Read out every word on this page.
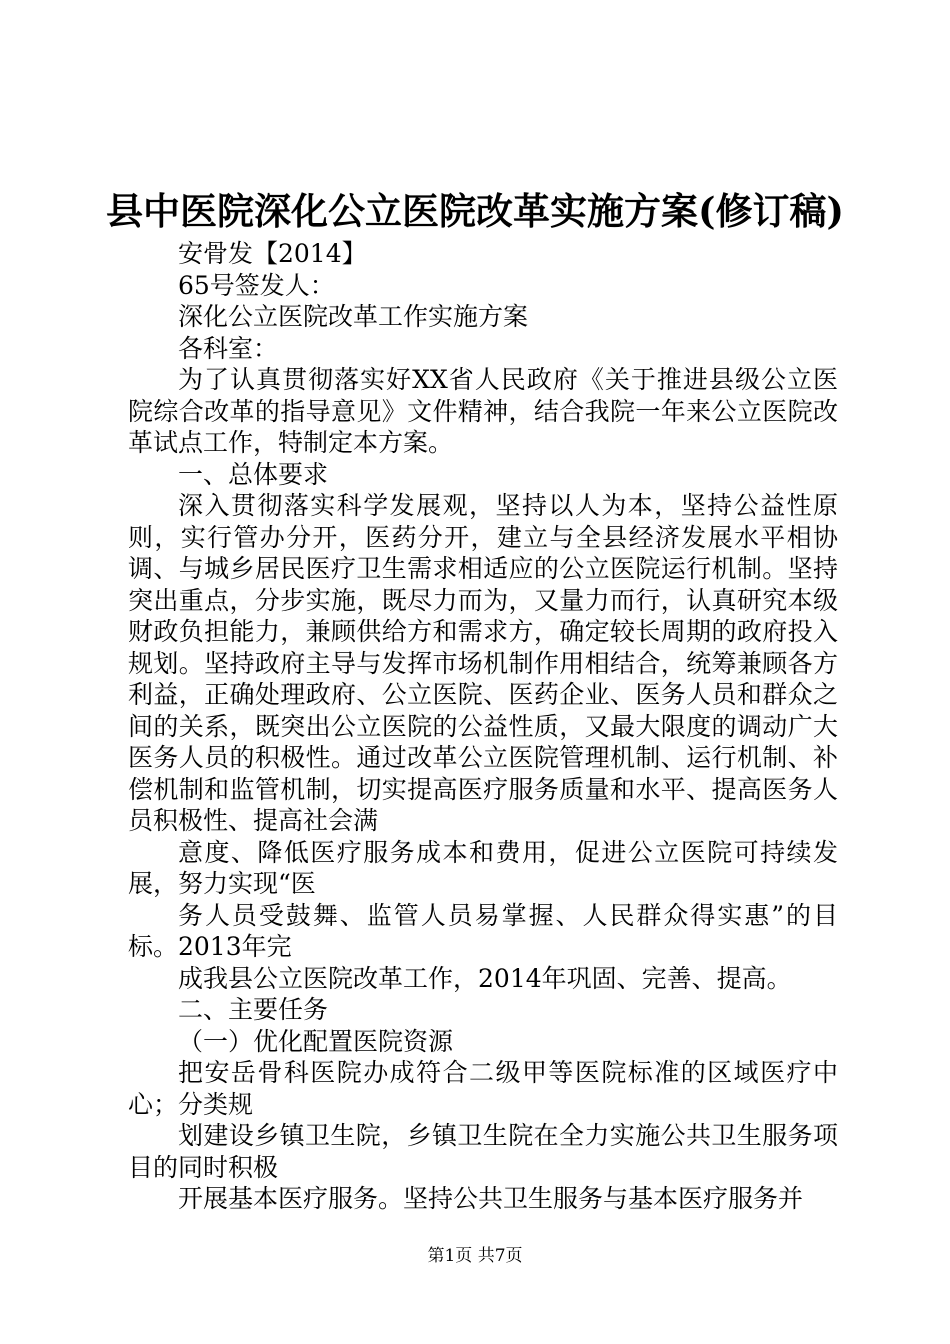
县中医院深化公立医院改革实施方案(修订稿)

安骨发【2014】

65号签发人：

深化公立医院改革工作实施方案

各科室：

为了认真贯彻落实好XX省人民政府《关于推进县级公立医院综合改革的指导意见》文件精神，结合我院一年来公立医院改革试点工作，特制定本方案。

一、总体要求

深入贯彻落实科学发展观，坚持以人为本，坚持公益性原则，实行管办分开，医药分开，建立与全县经济发展水平相协调、与城乡居民医疗卫生需求相适应的公立医院运行机制。坚持突出重点，分步实施，既尽力而为，又量力而行，认真研究本级财政负担能力，兼顾供给方和需求方，确定较长周期的政府投入规划。坚持政府主导与发挥市场机制作用相结合，统筹兼顾各方利益，正确处理政府、公立医院、医药企业、医务人员和群众之间的关系，既突出公立医院的公益性质，又最大限度的调动广大医务人员的积极性。通过改革公立医院管理机制、运行机制、补偿机制和监管机制，切实提高医疗服务质量和水平、提高医务人员积极性、提高社会满

意度、降低医疗服务成本和费用，促进公立医院可持续发展，努力实现“医

务人员受鼓舞、监管人员易掌握、人民群众得实惠”的目标。2013年完

成我县公立医院改革工作，2014年巩固、完善、提高。

二、主要任务

（一）优化配置医院资源

把安岳骨科医院办成符合二级甲等医院标准的区域医疗中心；分类规

划建设乡镇卫生院，乡镇卫生院在全力实施公共卫生服务项目的同时积极

开展基本医疗服务。坚持公共卫生服务与基本医疗服务并

第1页 共7页
